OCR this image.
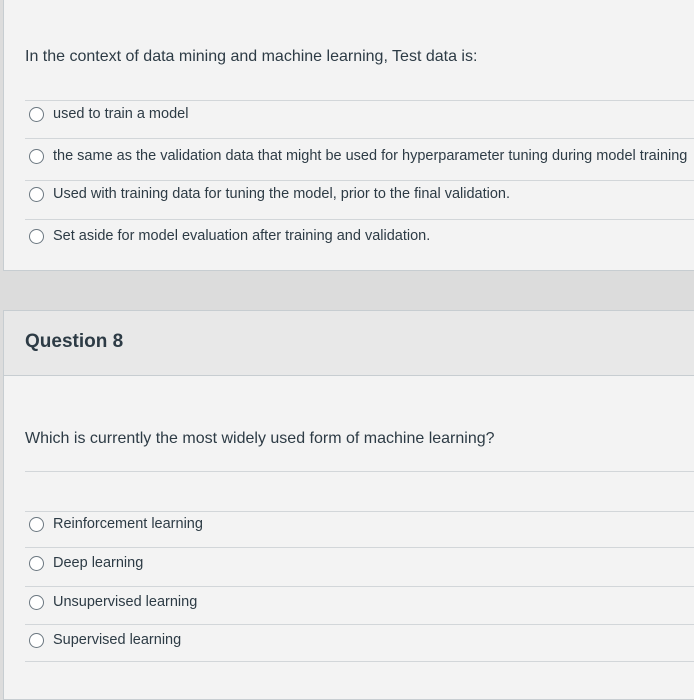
In the context of data mining and machine learning, Test data is:
used to train a model
the same as the validation data that might be used for hyperparameter tuning during model training
Used with training data for tuning the model, prior to the final validation.
Set aside for model evaluation after training and validation.
Question 8
Which is currently the most widely used form of machine learning?
Reinforcement learning
Deep learning
Unsupervised learning
Supervised learning
